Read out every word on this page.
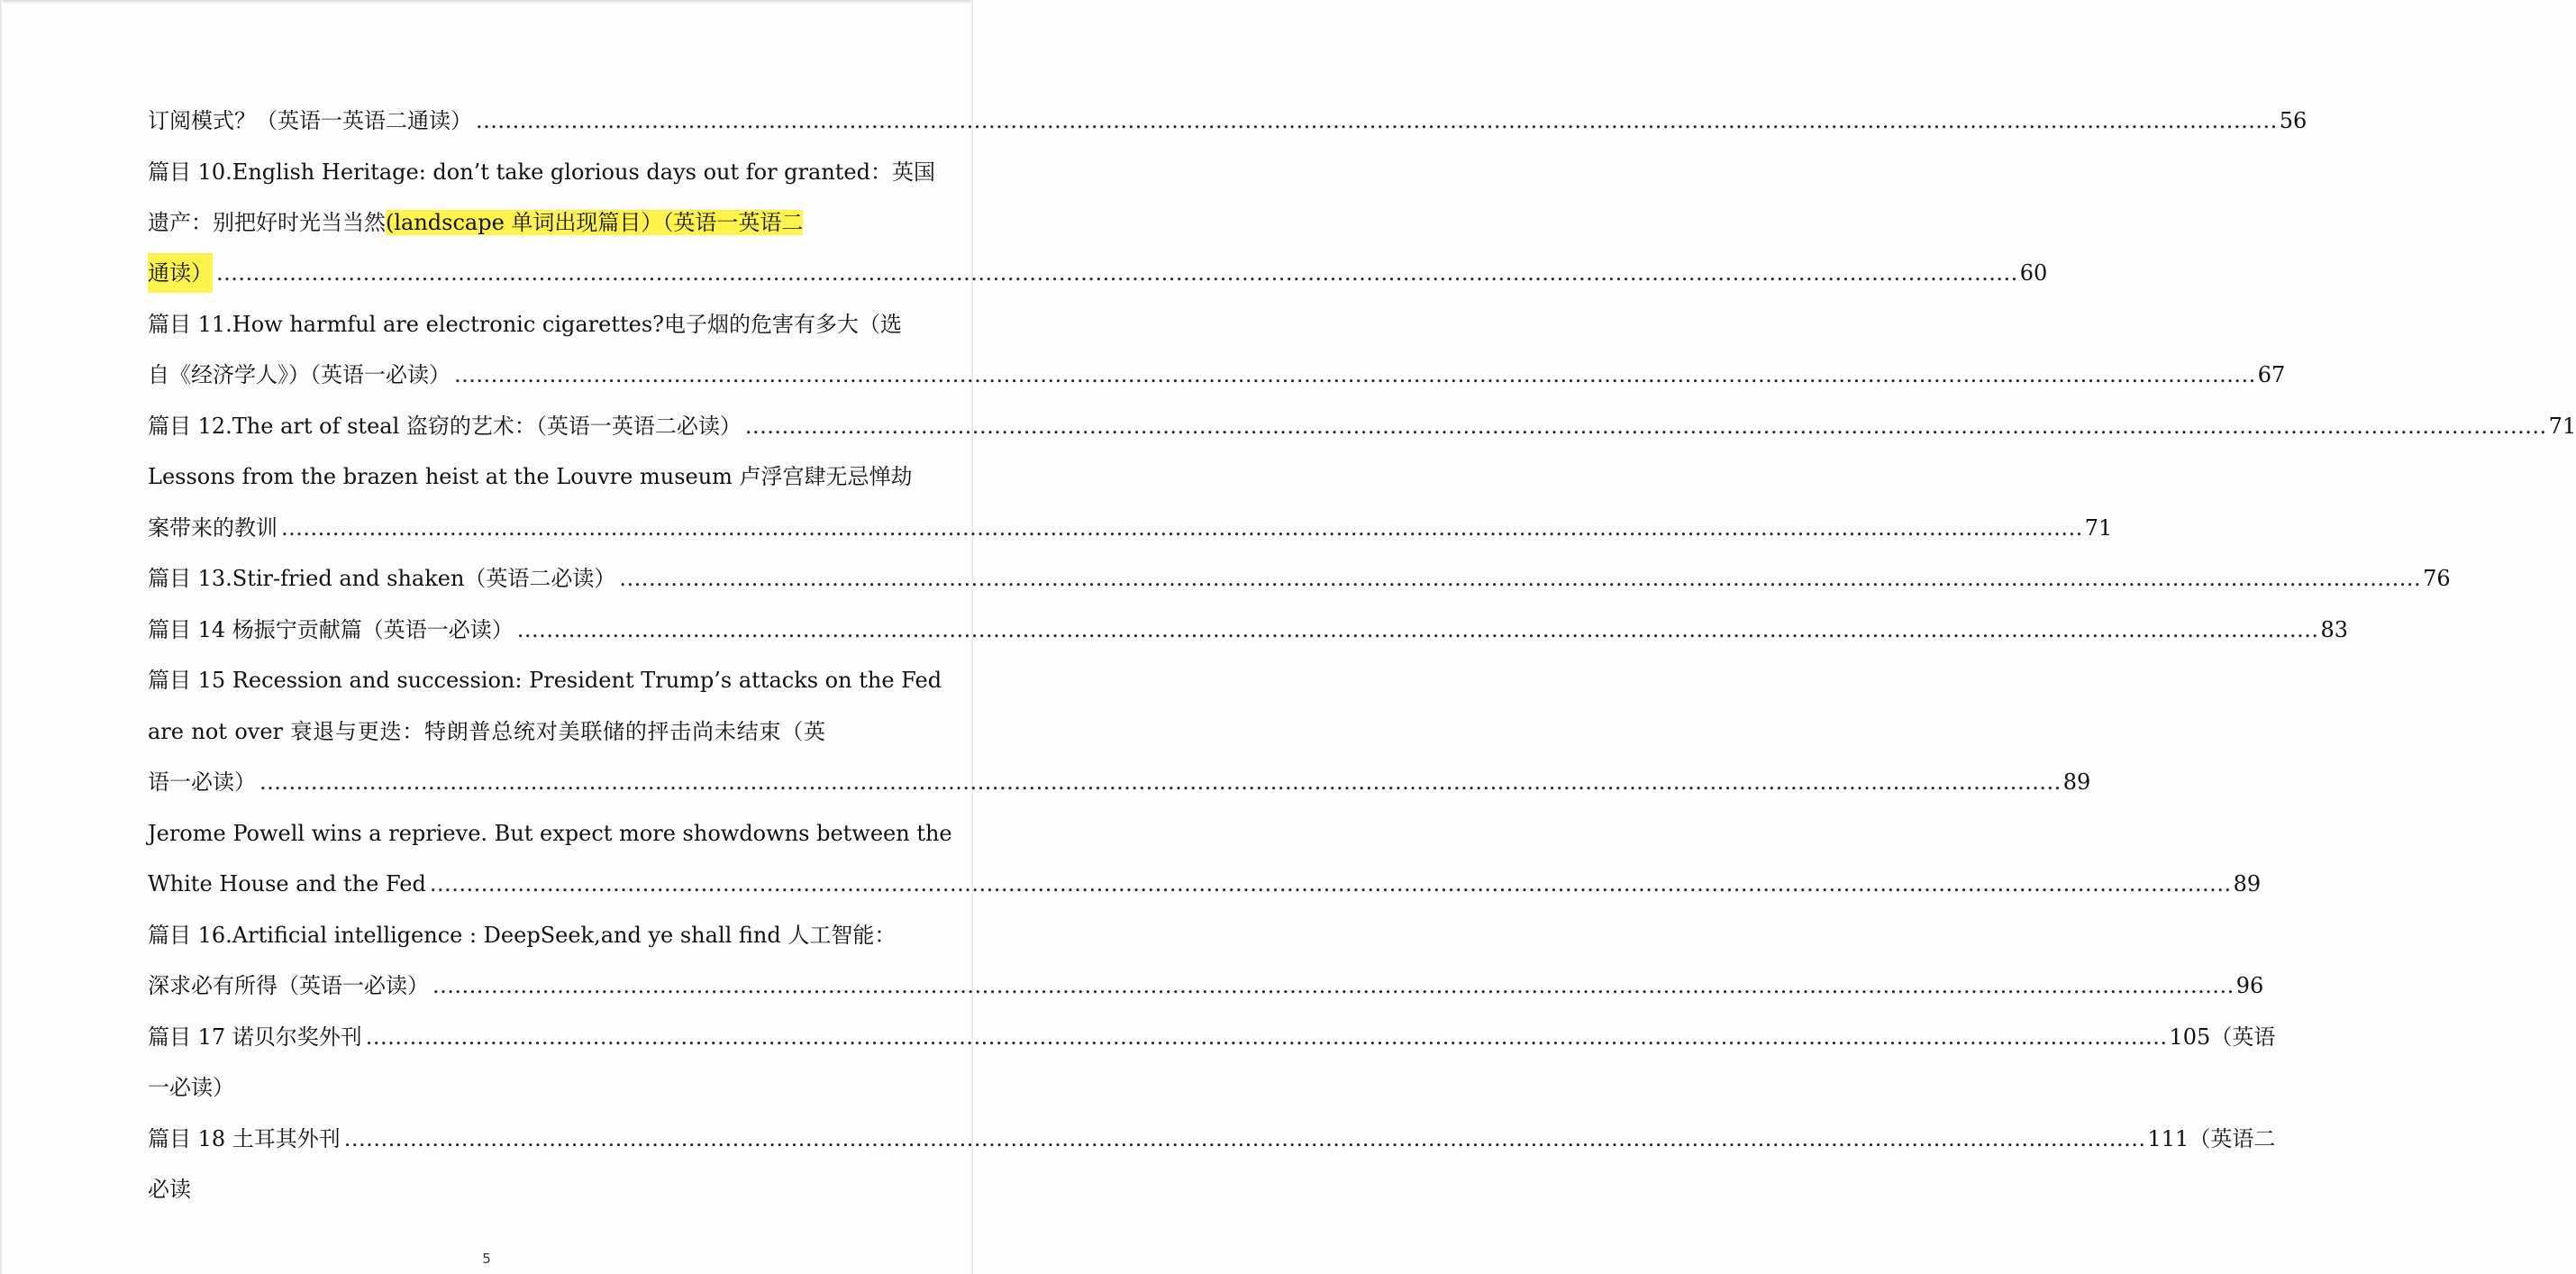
订阅模式？（英语一英语二通读） .....	56
篇目 10.English Heritage: don’t take glorious days out for granted：英国
遗产：别把好时光当当然(landscape 单词出现篇目）（英语一英语二
通读） .....	60
篇目 11.How harmful are electronic cigarettes?电子烟的危害有多大（选
自《经济学人》）（英语一必读） .....	67
篇目 12.The art of steal 盗窃的艺术：（英语一英语二必读） .....	71
Lessons from the brazen heist at the Louvre museum 卢浮宫肆无忌惮劫
案带来的教训 .....	71
篇目 13.Stir-fried and shaken（英语二必读） .....	76
篇目 14 杨振宁贡献篇（英语一必读） .....	83
篇目 15 Recession and succession: President Trump’s attacks on the Fed
are not over 衰退与更迭：特朗普总统对美联储的抨击尚未结束（英
语一必读） .....	89
Jerome Powell wins a reprieve. But expect more showdowns between the
White House and the Fed .....	89
篇目 16.Artificial intelligence : DeepSeek,and ye shall find 人工智能：
深求必有所得（英语一必读） .....	96
篇目 17 诺贝尔奖外刊 .....	105 （英语
一必读）
篇目 18 土耳其外刊 .....	111 （英语二
必读
5
